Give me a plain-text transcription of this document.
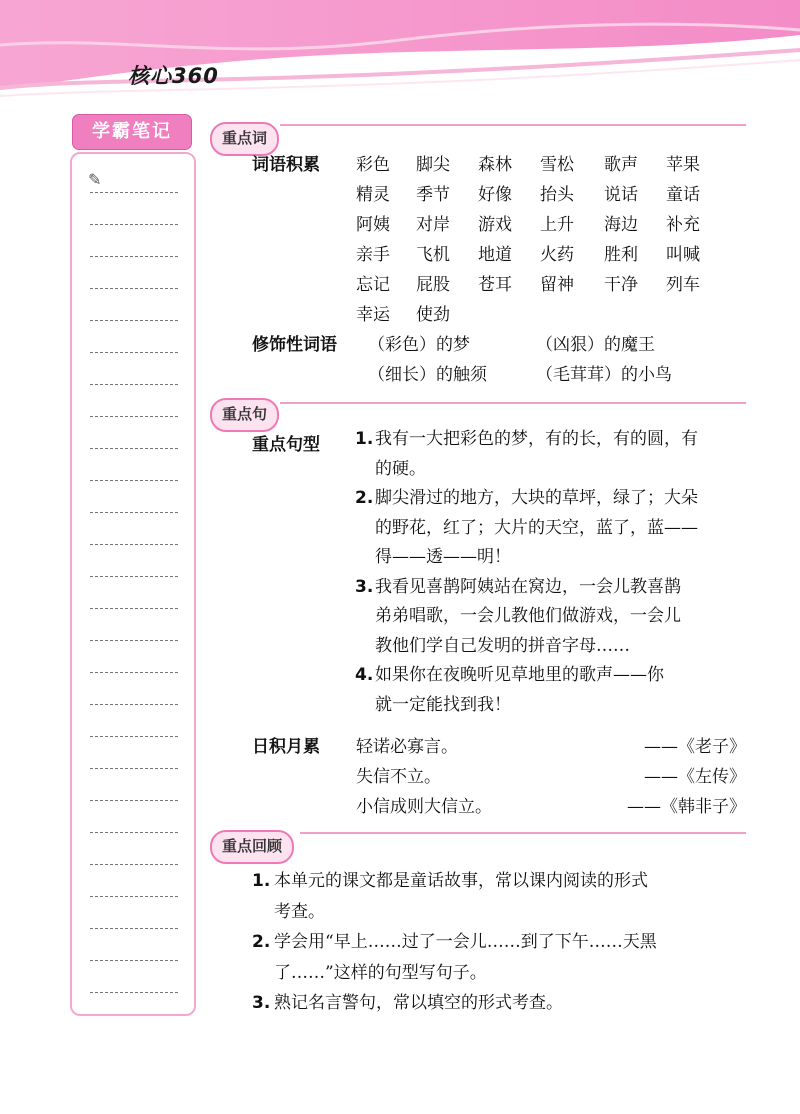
核心360
学霸笔记
✎
重点词
词语积累 彩色 脚尖 森林 雪松 歌声 苹果
精灵 季节 好像 抬头 说话 童话
阿姨 对岸 游戏 上升 海边 补充
亲手 飞机 地道 火药 胜利 叫喊
忘记 屁股 苍耳 留神 干净 列车
幸运 使劲
修饰性词语 （彩色）的梦	（凶狠）的魔王
（细长）的触须	（毛茸茸）的小鸟
重点句
重点句型 1. 我有一大把彩色的梦，有的长，有的圆，有
的硬。
2. 脚尖滑过的地方，大块的草坪，绿了；大朵
的野花，红了；大片的天空，蓝了，蓝——
得——透——明！
3. 我看见喜鹊阿姨站在窝边，一会儿教喜鹊
弟弟唱歌，一会儿教他们做游戏，一会儿
教他们学自己发明的拼音字母……
4. 如果你在夜晚听见草地里的歌声——你
就一定能找到我！
日积月累 轻诺必寡言。	——《老子》
失信不立。	——《左传》
小信成则大信立。	——《韩非子》
重点回顾
1. 本单元的课文都是童话故事，常以课内阅读的形式
考查。
2. 学会用“早上……过了一会儿……到了下午……天黑
了……”这样的句型写句子。
3. 熟记名言警句，常以填空的形式考查。
